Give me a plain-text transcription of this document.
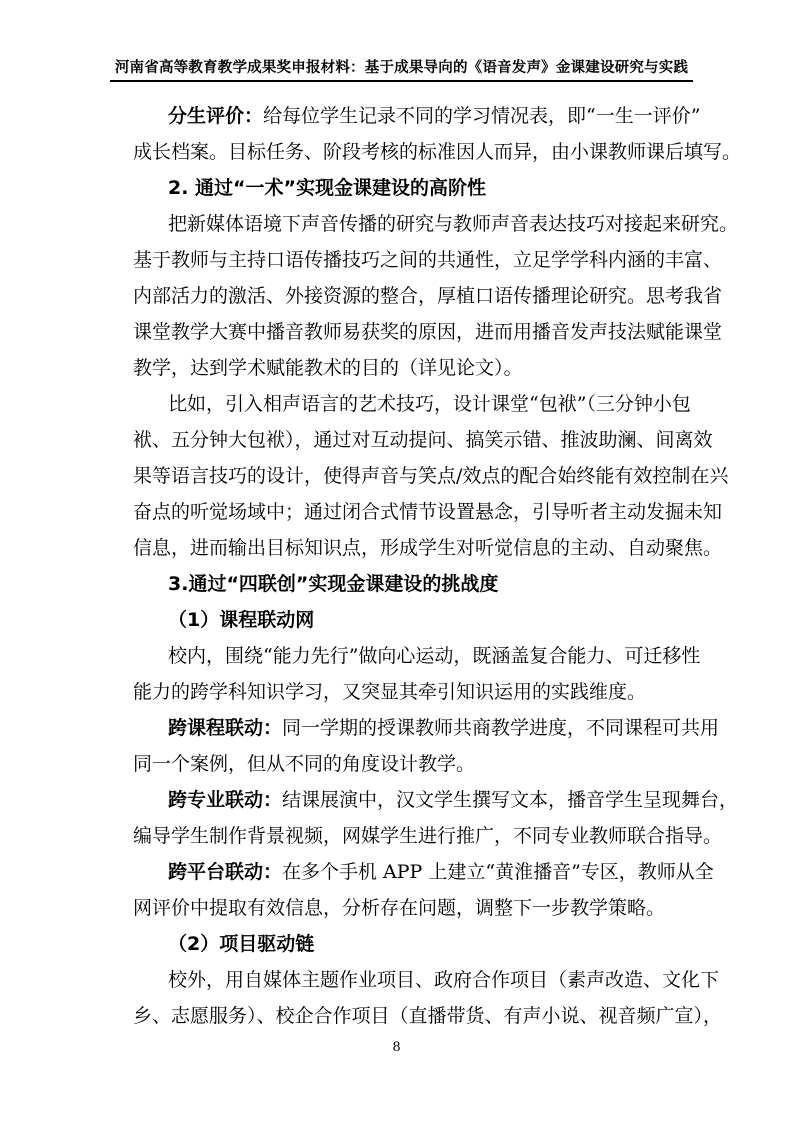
河南省高等教育教学成果奖申报材料：基于成果导向的《语音发声》金课建设研究与实践
分生评价：给每位学生记录不同的学习情况表，即“一生一评价”
成长档案。目标任务、阶段考核的标准因人而异，由小课教师课后填写。
2. 通过“一术”实现金课建设的高阶性
把新媒体语境下声音传播的研究与教师声音表达技巧对接起来研究。
基于教师与主持口语传播技巧之间的共通性，立足学学科内涵的丰富、
内部活力的激活、外接资源的整合，厚植口语传播理论研究。思考我省
课堂教学大赛中播音教师易获奖的原因，进而用播音发声技法赋能课堂
教学，达到学术赋能教术的目的（详见论文）。
比如，引入相声语言的艺术技巧，设计课堂“包袱”（三分钟小包
袱、五分钟大包袱），通过对互动提问、搞笑示错、推波助澜、间离效
果等语言技巧的设计，使得声音与笑点/效点的配合始终能有效控制在兴
奋点的听觉场域中；通过闭合式情节设置悬念，引导听者主动发掘未知
信息，进而输出目标知识点，形成学生对听觉信息的主动、自动聚焦。
3.通过“四联创”实现金课建设的挑战度
（1）课程联动网
校内，围绕“能力先行”做向心运动，既涵盖复合能力、可迁移性
能力的跨学科知识学习，又突显其牵引知识运用的实践维度。
跨课程联动：同一学期的授课教师共商教学进度，不同课程可共用
同一个案例，但从不同的角度设计教学。
跨专业联动：结课展演中，汉文学生撰写文本，播音学生呈现舞台，
编导学生制作背景视频，网媒学生进行推广，不同专业教师联合指导。
跨平台联动：在多个手机 APP 上建立“黄淮播音”专区，教师从全
网评价中提取有效信息，分析存在问题，调整下一步教学策略。
（2）项目驱动链
校外，用自媒体主题作业项目、政府合作项目（素声改造、文化下
乡、志愿服务）、校企合作项目（直播带货、有声小说、视音频广宣），
8
